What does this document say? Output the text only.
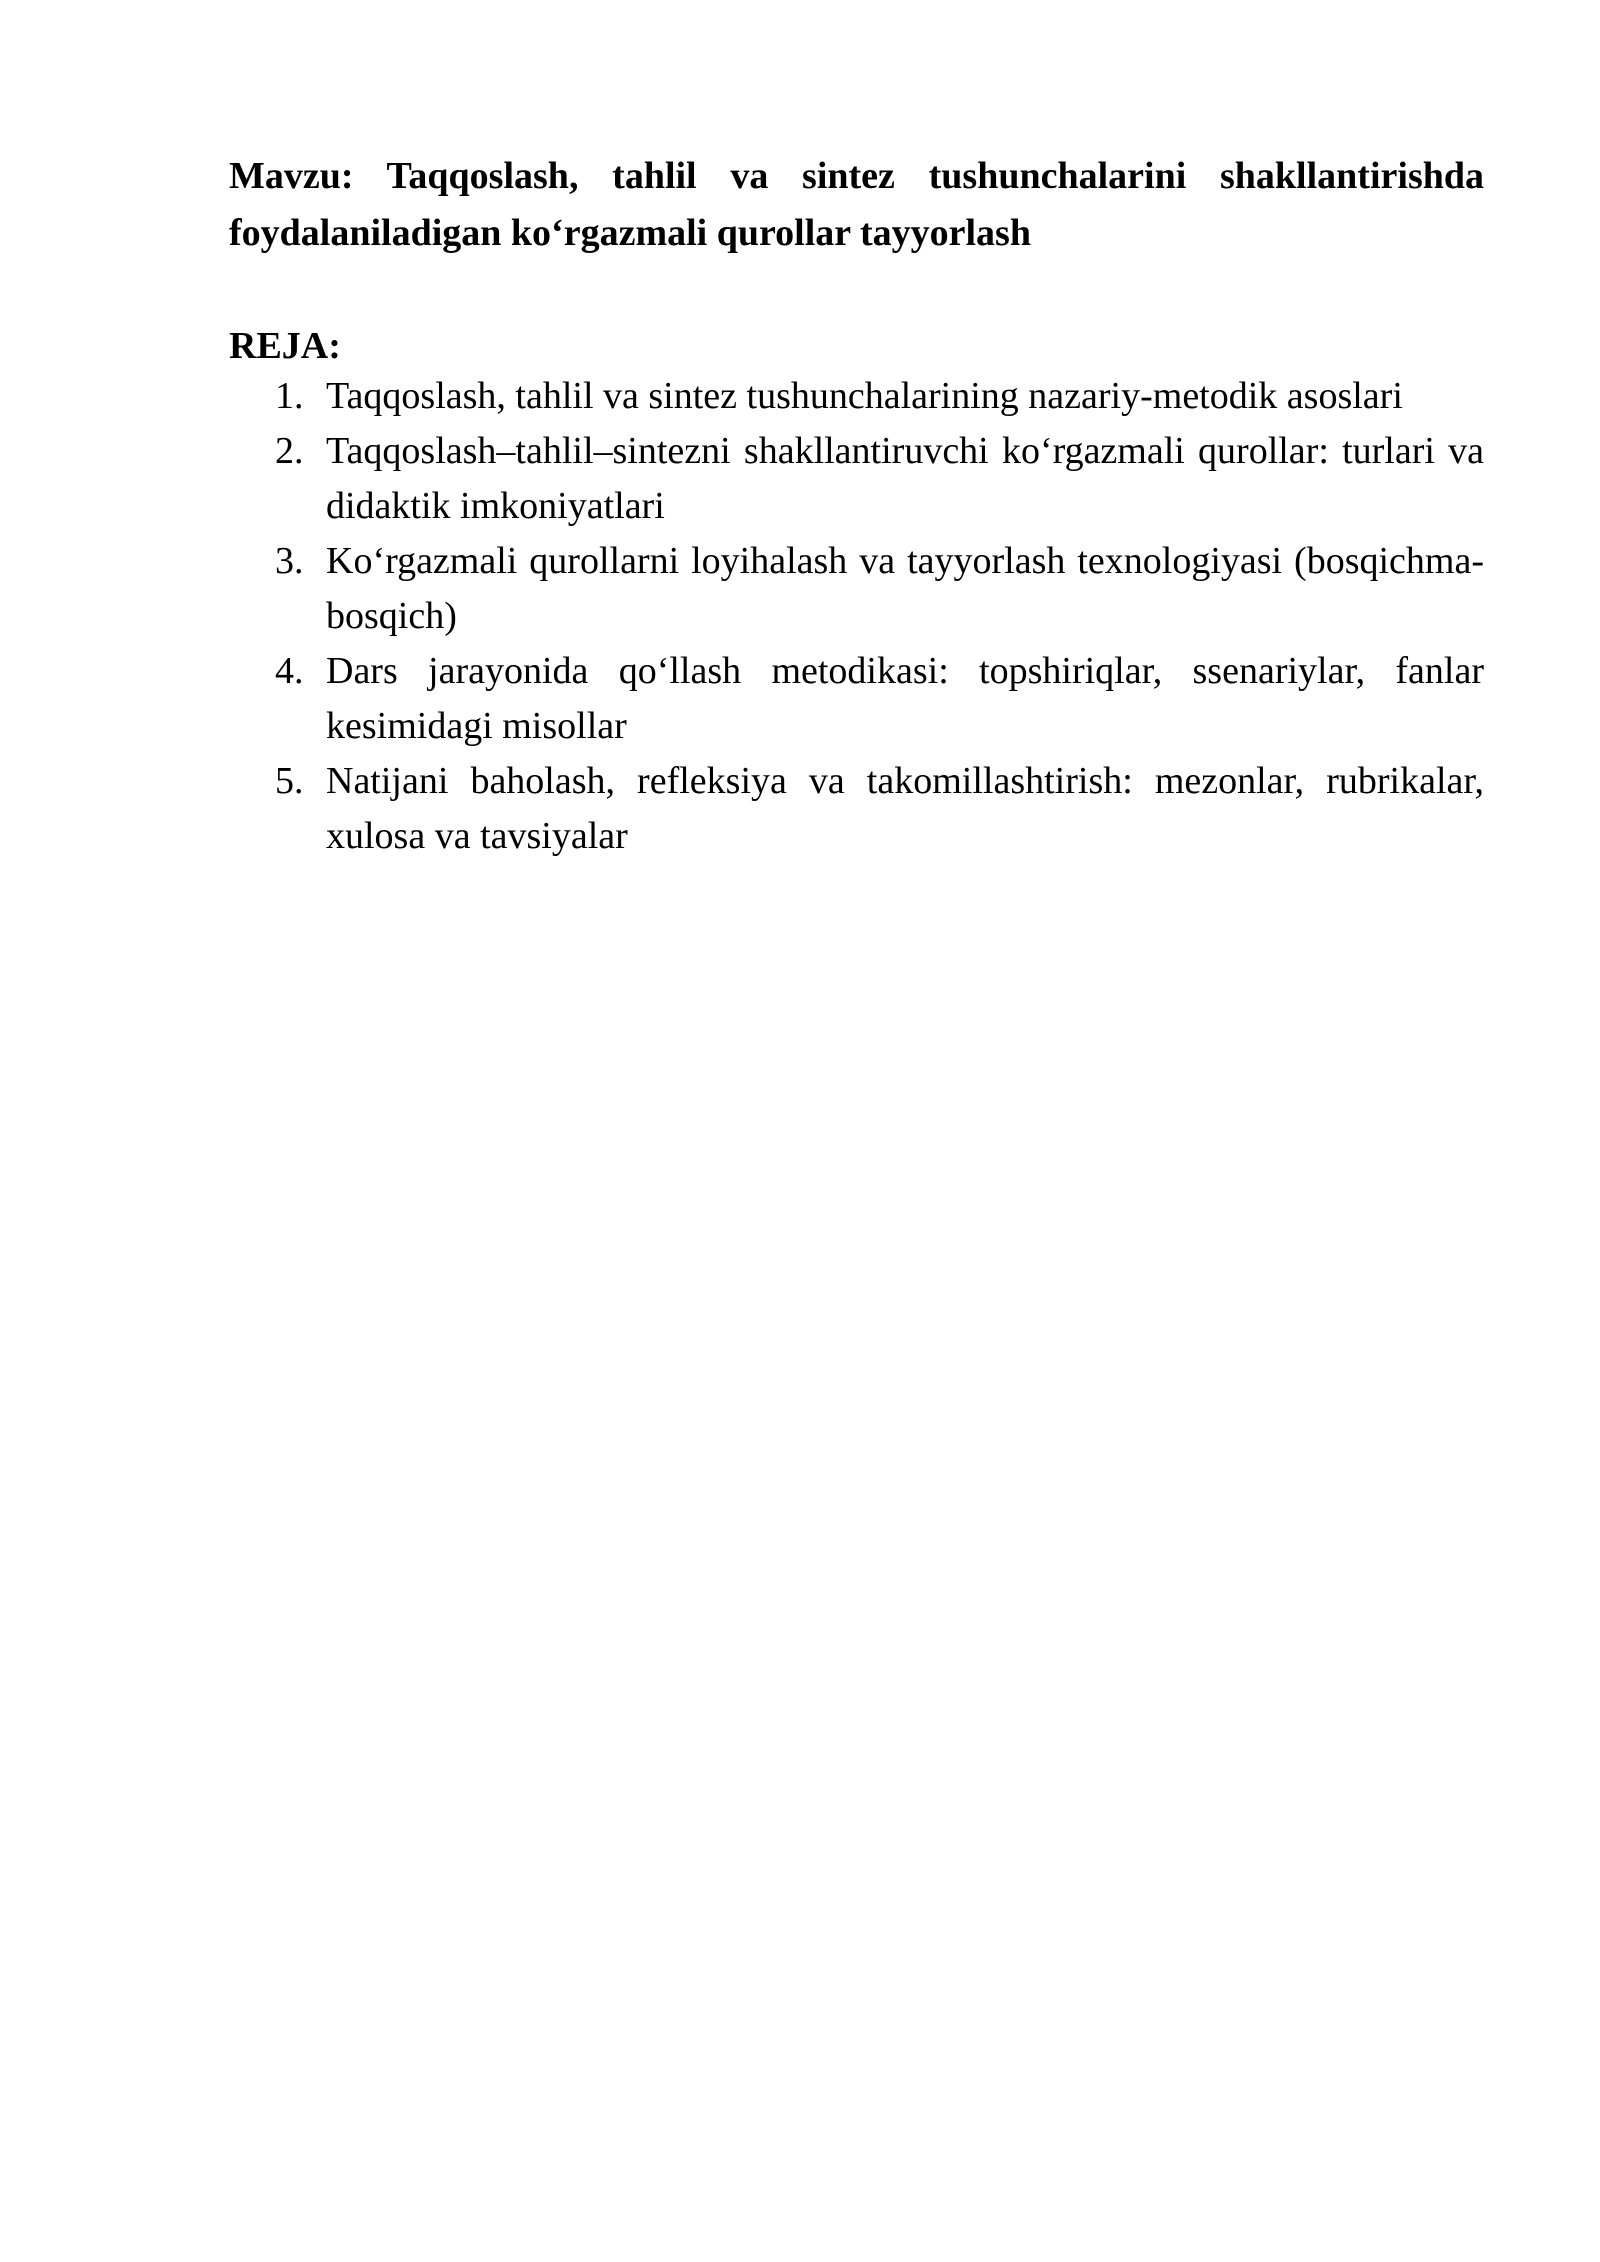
Mavzu: Taqqoslash, tahlil va sintez tushunchalarini shakllantirishda foydalaniladigan ko‘rgazmali qurollar tayyorlash
REJA:
1. Taqqoslash, tahlil va sintez tushunchalarining nazariy-metodik asoslari
2. Taqqoslash–tahlil–sintezni shakllantiruvchi ko‘rgazmali qurollar: turlari va didaktik imkoniyatlari
3. Ko‘rgazmali qurollarni loyihalash va tayyorlash texnologiyasi (bosqichma-bosqich)
4. Dars jarayonida qo‘llash metodikasi: topshiriqlar, ssenariylar, fanlar kesimidagi misollar
5. Natijani baholash, refleksiya va takomillashtirish: mezonlar, rubrikalar, xulosa va tavsiyalar
